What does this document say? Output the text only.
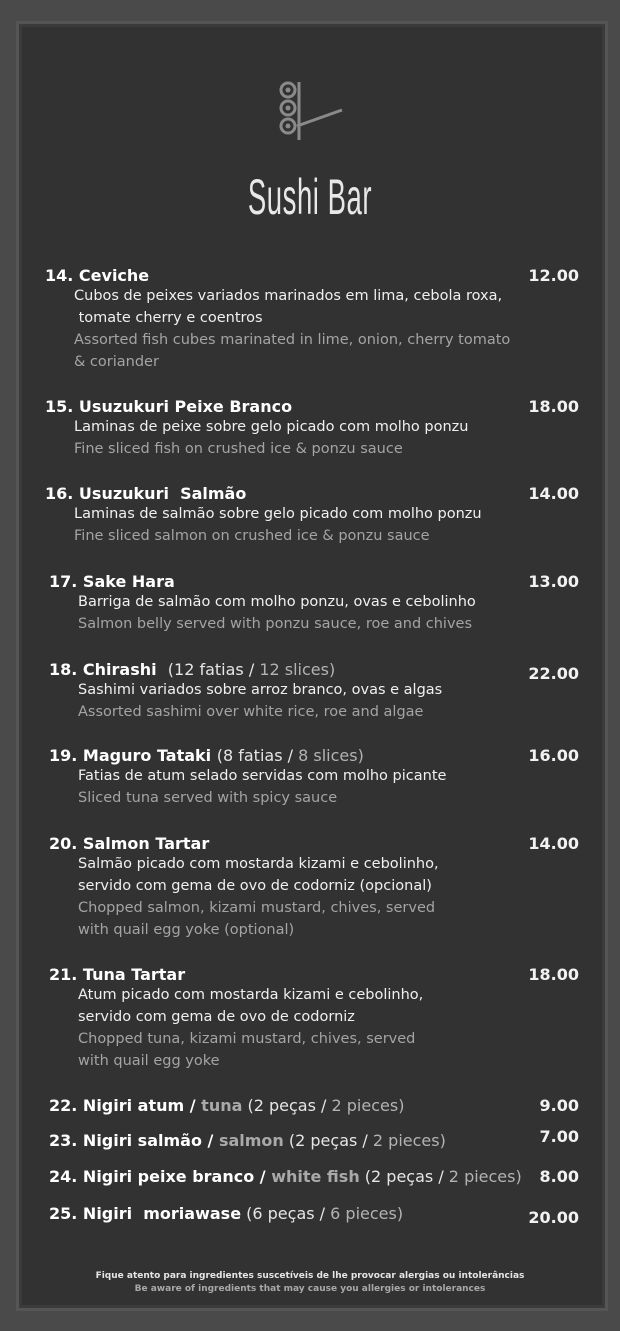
Sushi Bar
14. Ceviche	12.00
Cubos de peixes variados marinados em lima, cebola roxa,
tomate cherry e coentros
Assorted fish cubes marinated in lime, onion, cherry tomato
& coriander
15. Usuzukuri Peixe Branco	18.00
Laminas de peixe sobre gelo picado com molho ponzu
Fine sliced fish on crushed ice & ponzu sauce
16. Usuzukuri  Salmão	14.00
Laminas de salmão sobre gelo picado com molho ponzu
Fine sliced salmon on crushed ice & ponzu sauce
17. Sake Hara	13.00
Barriga de salmão com molho ponzu, ovas e cebolinho
Salmon belly served with ponzu sauce, roe and chives
18. Chirashi (12 fatias / 12 slices)	22.00
Sashimi variados sobre arroz branco, ovas e algas
Assorted sashimi over white rice, roe and algae
19. Maguro Tataki (8 fatias / 8 slices)	16.00
Fatias de atum selado servidas com molho picante
Sliced tuna served with spicy sauce
20. Salmon Tartar	14.00
Salmão picado com mostarda kizami e cebolinho,
servido com gema de ovo de codorniz (opcional)
Chopped salmon, kizami mustard, chives, served
with quail egg yoke (optional)
21. Tuna Tartar	18.00
Atum picado com mostarda kizami e cebolinho,
servido com gema de ovo de codorniz
Chopped tuna, kizami mustard, chives, served
with quail egg yoke
22. Nigiri atum / tuna (2 peças / 2 pieces)	9.00
23. Nigiri salmão / salmon (2 peças / 2 pieces)	7.00
24. Nigiri peixe branco / white fish (2 peças / 2 pieces) 8.00
25. Nigiri  moriawase (6 peças / 6 pieces)	20.00
Fique atento para ingredientes suscetíveis de lhe provocar alergias ou intolerâncias
Be aware of ingredients that may cause you allergies or intolerances
